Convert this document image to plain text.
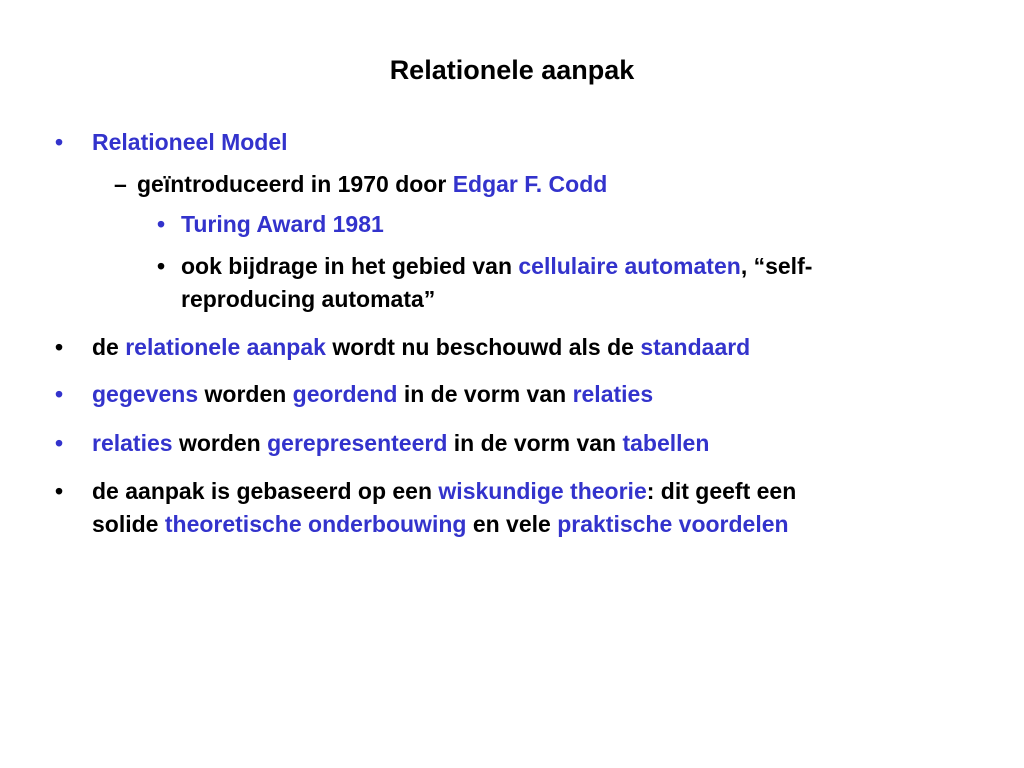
Relationele aanpak
• Relationeel Model
– geïntroduceerd in 1970 door Edgar F. Codd
• Turing Award 1981
• ook bijdrage in het gebied van cellulaire automaten, “self-
reproducing automata”
• de relationele aanpak wordt nu beschouwd als de standaard
• gegevens worden geordend in de vorm van relaties
• relaties worden gerepresenteerd in de vorm van tabellen
• de aanpak is gebaseerd op een wiskundige theorie: dit geeft een
solide theoretische onderbouwing en vele praktische voordelen
